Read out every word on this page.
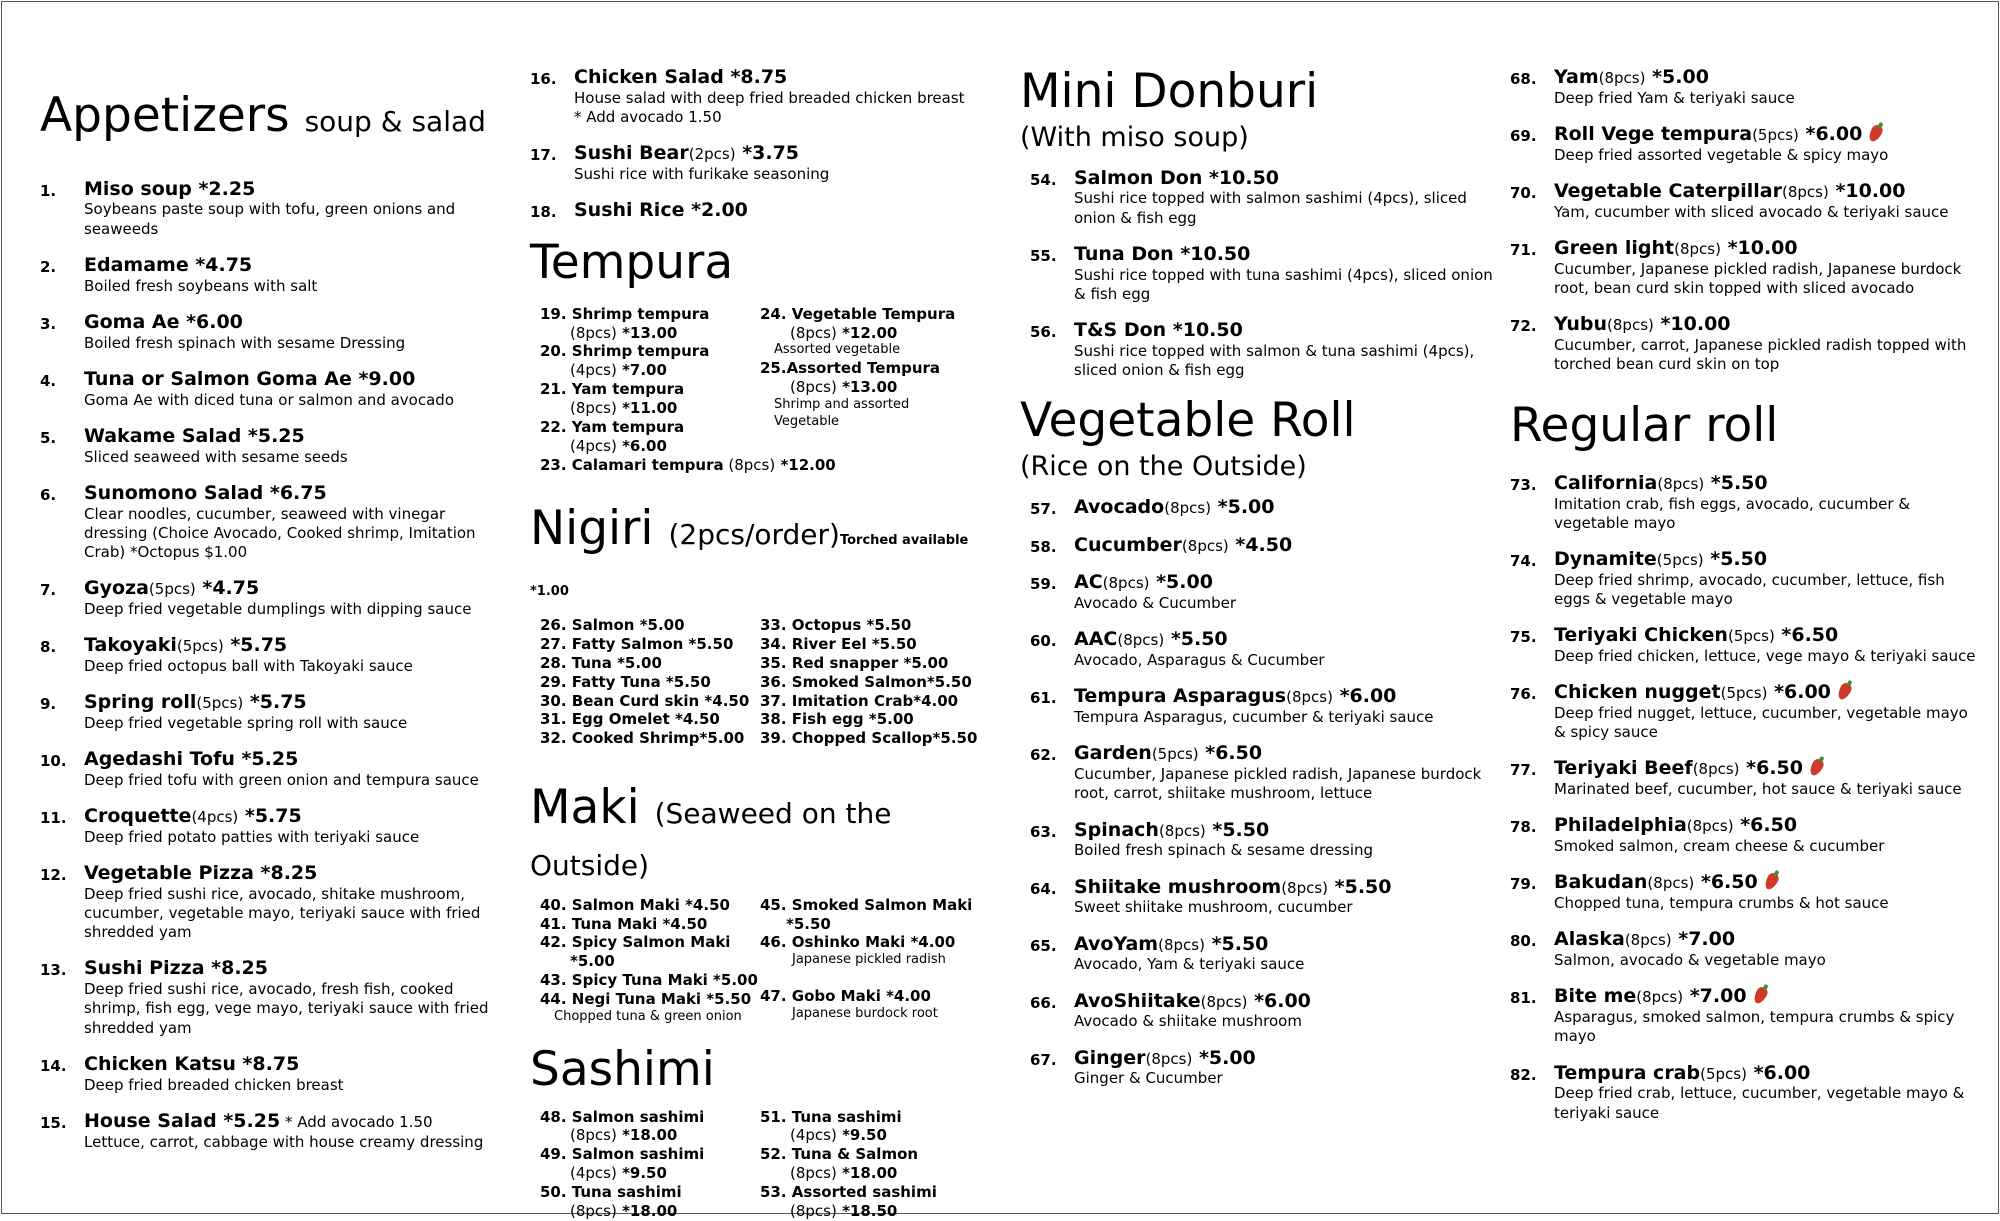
Appetizers soup & salad
1.	Miso soup *2.25
Soybeans paste soup with tofu, green onions and seaweeds
2.	Edamame *4.75
Boiled fresh soybeans with salt
3.	Goma Ae *6.00
Boiled fresh spinach with sesame Dressing
4.	Tuna or Salmon Goma Ae *9.00
Goma Ae with diced tuna or salmon and avocado
5.	Wakame Salad *5.25
Sliced seaweed with sesame seeds
6.	Sunomono Salad *6.75
Clear noodles, cucumber, seaweed with vinegar dressing (Choice Avocado, Cooked shrimp, Imitation Crab) *Octopus $1.00
7.	Gyoza(5pcs) *4.75
Deep fried vegetable dumplings with dipping sauce
8.	Takoyaki(5pcs) *5.75
Deep fried octopus ball with Takoyaki sauce
9.	Spring roll(5pcs) *5.75
Deep fried vegetable spring roll with sauce
10. Agedashi Tofu *5.25
Deep fried tofu with green onion and tempura sauce
11. Croquette(4pcs) *5.75
Deep fried potato patties with teriyaki sauce
12. Vegetable Pizza *8.25
Deep fried sushi rice, avocado, shitake mushroom, cucumber, vegetable mayo, teriyaki sauce with fried shredded yam
13. Sushi Pizza *8.25
Deep fried sushi rice, avocado, fresh fish, cooked shrimp, fish egg, vege mayo, teriyaki sauce with fried shredded yam
14. Chicken Katsu *8.75
Deep fried breaded chicken breast
15. House Salad *5.25 * Add avocado 1.50
Lettuce, carrot, cabbage with house creamy dressing
16. Chicken Salad *8.75
House salad with deep fried breaded chicken breast
* Add avocado 1.50
17. Sushi Bear(2pcs) *3.75
Sushi rice with furikake seasoning
18. Sushi Rice *2.00
Tempura
19. Shrimp tempura
(8pcs) *13.00
20. Shrimp tempura
(4pcs) *7.00
21. Yam tempura
(8pcs) *11.00
22. Yam tempura
(4pcs) *6.00
24. Vegetable Tempura
(8pcs) *12.00
Assorted vegetable
25.Assorted Tempura
(8pcs) *13.00
Shrimp and assorted
Vegetable
23. Calamari tempura (8pcs) *12.00
Nigiri (2pcs/order)Torched available *1.00
26. Salmon *5.00
27. Fatty Salmon *5.50
28. Tuna *5.00
29. Fatty Tuna *5.50
30. Bean Curd skin *4.50
31. Egg Omelet *4.50
32. Cooked Shrimp*5.00
33. Octopus *5.50
34. River Eel *5.50
35. Red snapper *5.00
36. Smoked Salmon*5.50
37. Imitation Crab*4.00
38. Fish egg *5.00
39. Chopped Scallop*5.50
Maki (Seaweed on the Outside)
40. Salmon Maki *4.50
41. Tuna Maki *4.50
42. Spicy Salmon Maki
*5.00
43. Spicy Tuna Maki *5.00
44. Negi Tuna Maki *5.50
Chopped tuna & green onion
45. Smoked Salmon Maki
*5.50
46. Oshinko Maki *4.00
Japanese pickled radish
47. Gobo Maki *4.00
Japanese burdock root
Sashimi
48. Salmon sashimi
(8pcs) *18.00
49. Salmon sashimi
(4pcs) *9.50
50. Tuna sashimi
(8pcs) *18.00
51. Tuna sashimi
(4pcs) *9.50
52. Tuna & Salmon
(8pcs) *18.00
53. Assorted sashimi
(8pcs) *18.50
Mini Donburi
(With miso soup)
54. Salmon Don *10.50
Sushi rice topped with salmon sashimi (4pcs), sliced onion & fish egg
55. Tuna Don *10.50
Sushi rice topped with tuna sashimi (4pcs), sliced onion & fish egg
56. T&S Don *10.50
Sushi rice topped with salmon & tuna sashimi (4pcs), sliced onion & fish egg
Vegetable Roll
(Rice on the Outside)
57. Avocado(8pcs) *5.00
58. Cucumber(8pcs) *4.50
59. AC(8pcs) *5.00
Avocado & Cucumber
60. AAC(8pcs) *5.50
Avocado, Asparagus & Cucumber
61. Tempura Asparagus(8pcs) *6.00
Tempura Asparagus, cucumber & teriyaki sauce
62. Garden(5pcs) *6.50
Cucumber, Japanese pickled radish, Japanese burdock root, carrot, shiitake mushroom, lettuce
63. Spinach(8pcs) *5.50
Boiled fresh spinach & sesame dressing
64. Shiitake mushroom(8pcs) *5.50
Sweet shiitake mushroom, cucumber
65. AvoYam(8pcs) *5.50
Avocado, Yam & teriyaki sauce
66. AvoShiitake(8pcs) *6.00
Avocado & shiitake mushroom
67. Ginger(8pcs) *5.00
Ginger & Cucumber
68. Yam(8pcs) *5.00
Deep fried Yam & teriyaki sauce
69. Roll Vege tempura(5pcs) *6.00
Deep fried assorted vegetable & spicy mayo
70. Vegetable Caterpillar(8pcs) *10.00
Yam, cucumber with sliced avocado & teriyaki sauce
71. Green light(8pcs) *10.00
Cucumber, Japanese pickled radish, Japanese burdock root, bean curd skin topped with sliced avocado
72. Yubu(8pcs) *10.00
Cucumber, carrot, Japanese pickled radish topped with torched bean curd skin on top
Regular roll
73. California(8pcs) *5.50
Imitation crab, fish eggs, avocado, cucumber & vegetable mayo
74. Dynamite(5pcs) *5.50
Deep fried shrimp, avocado, cucumber, lettuce, fish eggs & vegetable mayo
75. Teriyaki Chicken(5pcs) *6.50
Deep fried chicken, lettuce, vege mayo & teriyaki sauce
76. Chicken nugget(5pcs) *6.00
Deep fried nugget, lettuce, cucumber, vegetable mayo & spicy sauce
77. Teriyaki Beef(8pcs) *6.50
Marinated beef, cucumber, hot sauce & teriyaki sauce
78. Philadelphia(8pcs) *6.50
Smoked salmon, cream cheese & cucumber
79. Bakudan(8pcs) *6.50
Chopped tuna, tempura crumbs & hot sauce
80. Alaska(8pcs) *7.00
Salmon, avocado & vegetable mayo
81. Bite me(8pcs) *7.00
Asparagus, smoked salmon, tempura crumbs & spicy mayo
82. Tempura crab(5pcs) *6.00
Deep fried crab, lettuce, cucumber, vegetable mayo & teriyaki sauce
